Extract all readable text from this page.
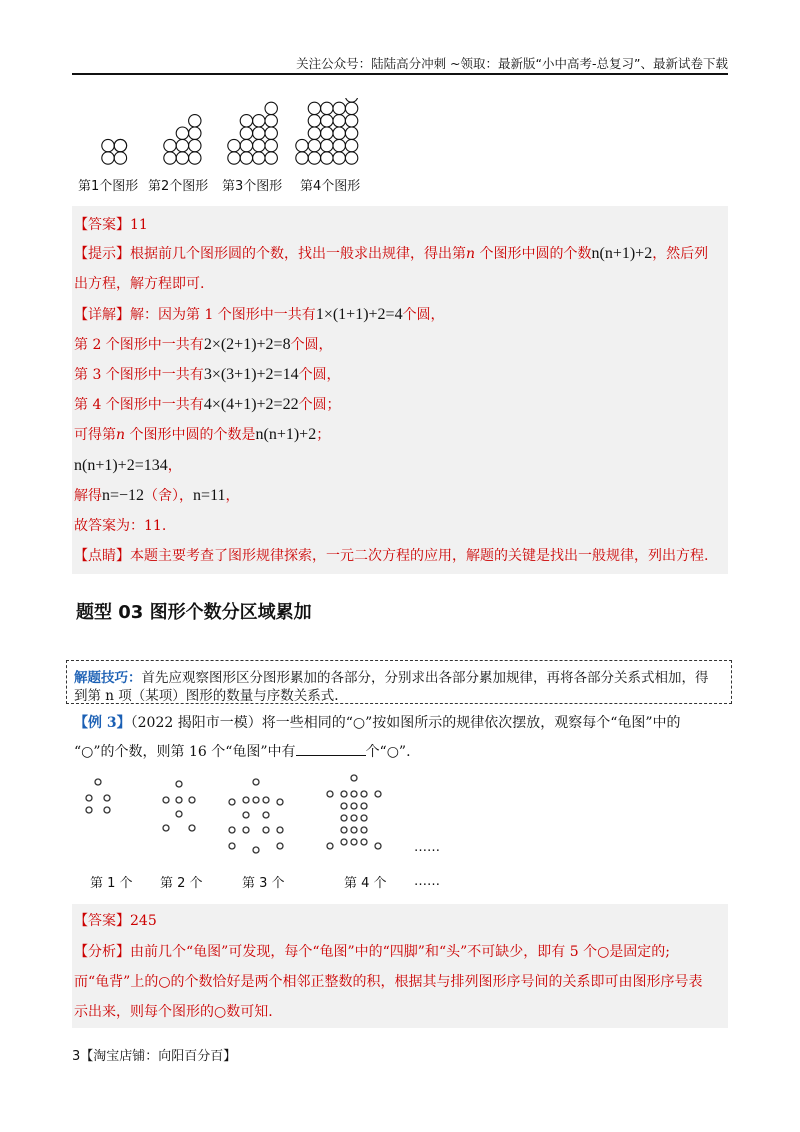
关注公众号：陆陆高分冲刺 ~领取：最新版“小中高考-总复习”、最新试卷下载
第1个图形 第2个图形 第3个图形 第4个图形
【答案】11
【提示】根据前几个图形圆的个数，找出一般求出规律，得出第n 个图形中圆的个数n(n+1)+2，然后列
出方程，解方程即可.
【详解】解：因为第 1 个图形中一共有1×(1+1)+2=4个圆，
第 2 个图形中一共有2×(2+1)+2=8个圆，
第 3 个图形中一共有3×(3+1)+2=14个圆，
第 4 个图形中一共有4×(4+1)+2=22个圆；
可得第n 个图形中圆的个数是n(n+1)+2；
n(n+1)+2=134，
解得n=−12（舍），n=11，
故答案为：11.
【点睛】本题主要考查了图形规律探索，一元二次方程的应用，解题的关键是找出一般规律，列出方程.
题型 03 图形个数分区域累加
解题技巧：首先应观察图形区分图形累加的各部分，分别求出各部分累加规律，再将各部分关系式相加，得
到第 n 项（某项）图形的数量与序数关系式.
【例 3】（2022 揭阳市一模）将一些相同的“○”按如图所示的规律依次摆放，观察每个“龟图”中的
“○”的个数，则第 16 个“龟图”中有	个“○”.
……
第 1 个 第 2 个	第 3 个	第 4 个 ……
【答案】245
【分析】由前几个“龟图”可发现，每个“龟图”中的“四脚”和“头”不可缺少，即有 5 个○是固定的;
而“龟背”上的○的个数恰好是两个相邻正整数的积，根据其与排列图形序号间的关系即可由图形序号表
示出来，则每个图形的○数可知.
3【淘宝店铺：向阳百分百】
